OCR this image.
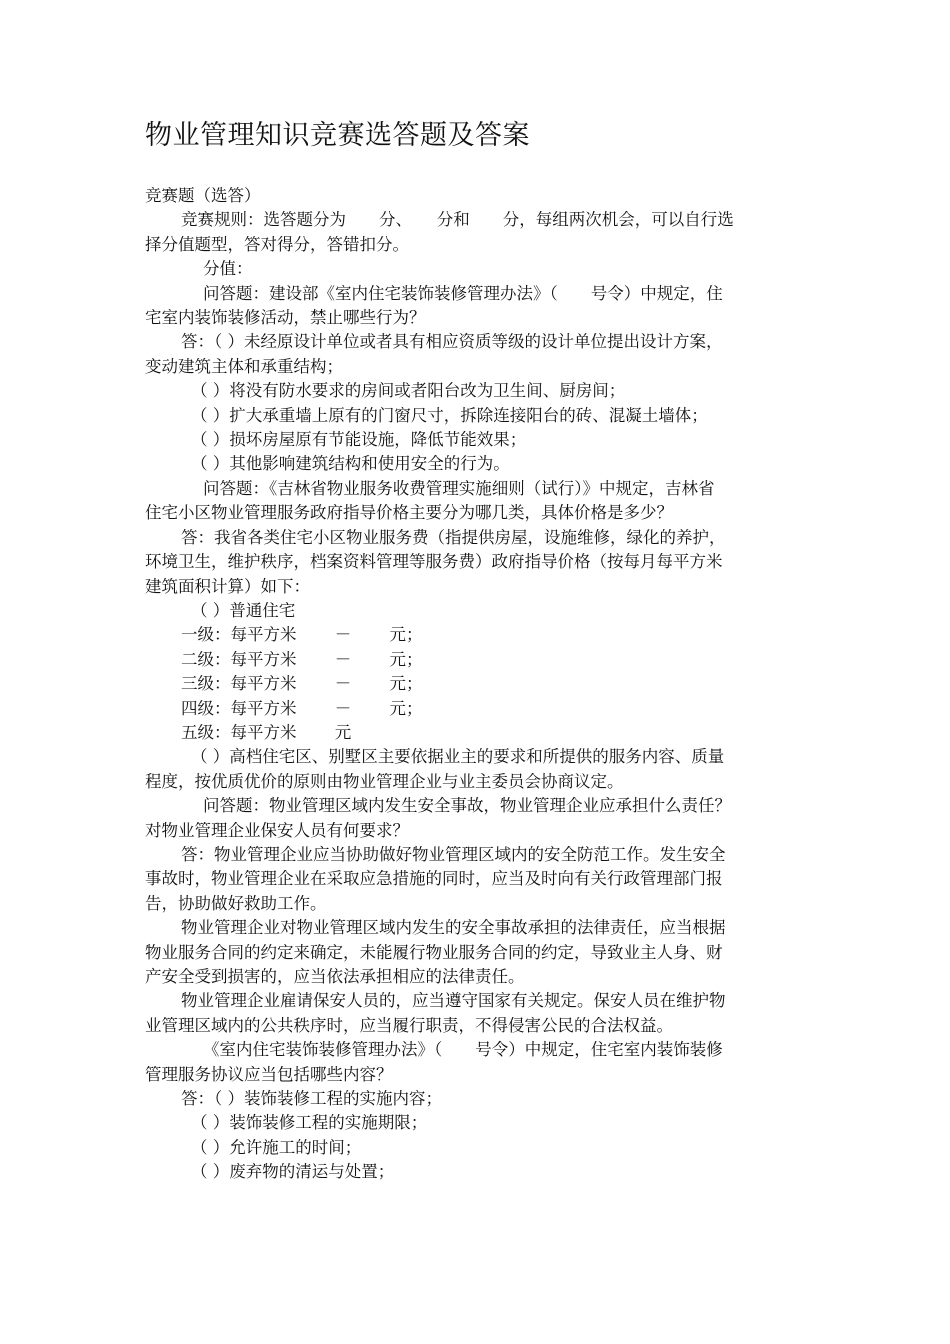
物业管理知识竞赛选答题及答案

竞赛题（选答）

竞赛规则：选答题分为　　分、　　分和　　分，每组两次机会，可以自行选

择分值题型，答对得分，答错扣分。

分值：

问答题：建设部《室内住宅装饰装修管理办法》（　　号令）中规定，住

宅室内装饰装修活动，禁止哪些行为？

答：（ ）未经原设计单位或者具有相应资质等级的设计单位提出设计方案，

变动建筑主体和承重结构；

（ ）将没有防水要求的房间或者阳台改为卫生间、厨房间；

（ ）扩大承重墙上原有的门窗尺寸，拆除连接阳台的砖、混凝土墙体；

（ ）损坏房屋原有节能设施，降低节能效果；

（ ）其他影响建筑结构和使用安全的行为。

问答题：《吉林省物业服务收费管理实施细则（试行）》中规定，吉林省

住宅小区物业管理服务政府指导价格主要分为哪几类，具体价格是多少？

答：我省各类住宅小区物业服务费（指提供房屋，设施维修，绿化的养护，

环境卫生，维护秩序，档案资料管理等服务费）政府指导价格（按每月每平方米

建筑面积计算）如下：

（ ）普通住宅

一级：每平方米　　 －　　 元；

二级：每平方米　　 －　　 元；

三级：每平方米　　 －　　 元；

四级：每平方米　　 －　　 元；

五级：每平方米　　 元

（ ）高档住宅区、别墅区主要依据业主的要求和所提供的服务内容、质量

程度，按优质优价的原则由物业管理企业与业主委员会协商议定。

问答题：物业管理区域内发生安全事故，物业管理企业应承担什么责任？

对物业管理企业保安人员有何要求？

答：物业管理企业应当协助做好物业管理区域内的安全防范工作。发生安全

事故时，物业管理企业在采取应急措施的同时，应当及时向有关行政管理部门报

告，协助做好救助工作。

物业管理企业对物业管理区域内发生的安全事故承担的法律责任，应当根据

物业服务合同的约定来确定，未能履行物业服务合同的约定，导致业主人身、财

产安全受到损害的，应当依法承担相应的法律责任。

物业管理企业雇请保安人员的，应当遵守国家有关规定。保安人员在维护物

业管理区域内的公共秩序时，应当履行职责，不得侵害公民的合法权益。

《室内住宅装饰装修管理办法》（　　号令）中规定，住宅室内装饰装修

管理服务协议应当包括哪些内容？

答：（ ）装饰装修工程的实施内容；

（ ）装饰装修工程的实施期限；

（ ）允许施工的时间；

（ ）废弃物的清运与处置；
